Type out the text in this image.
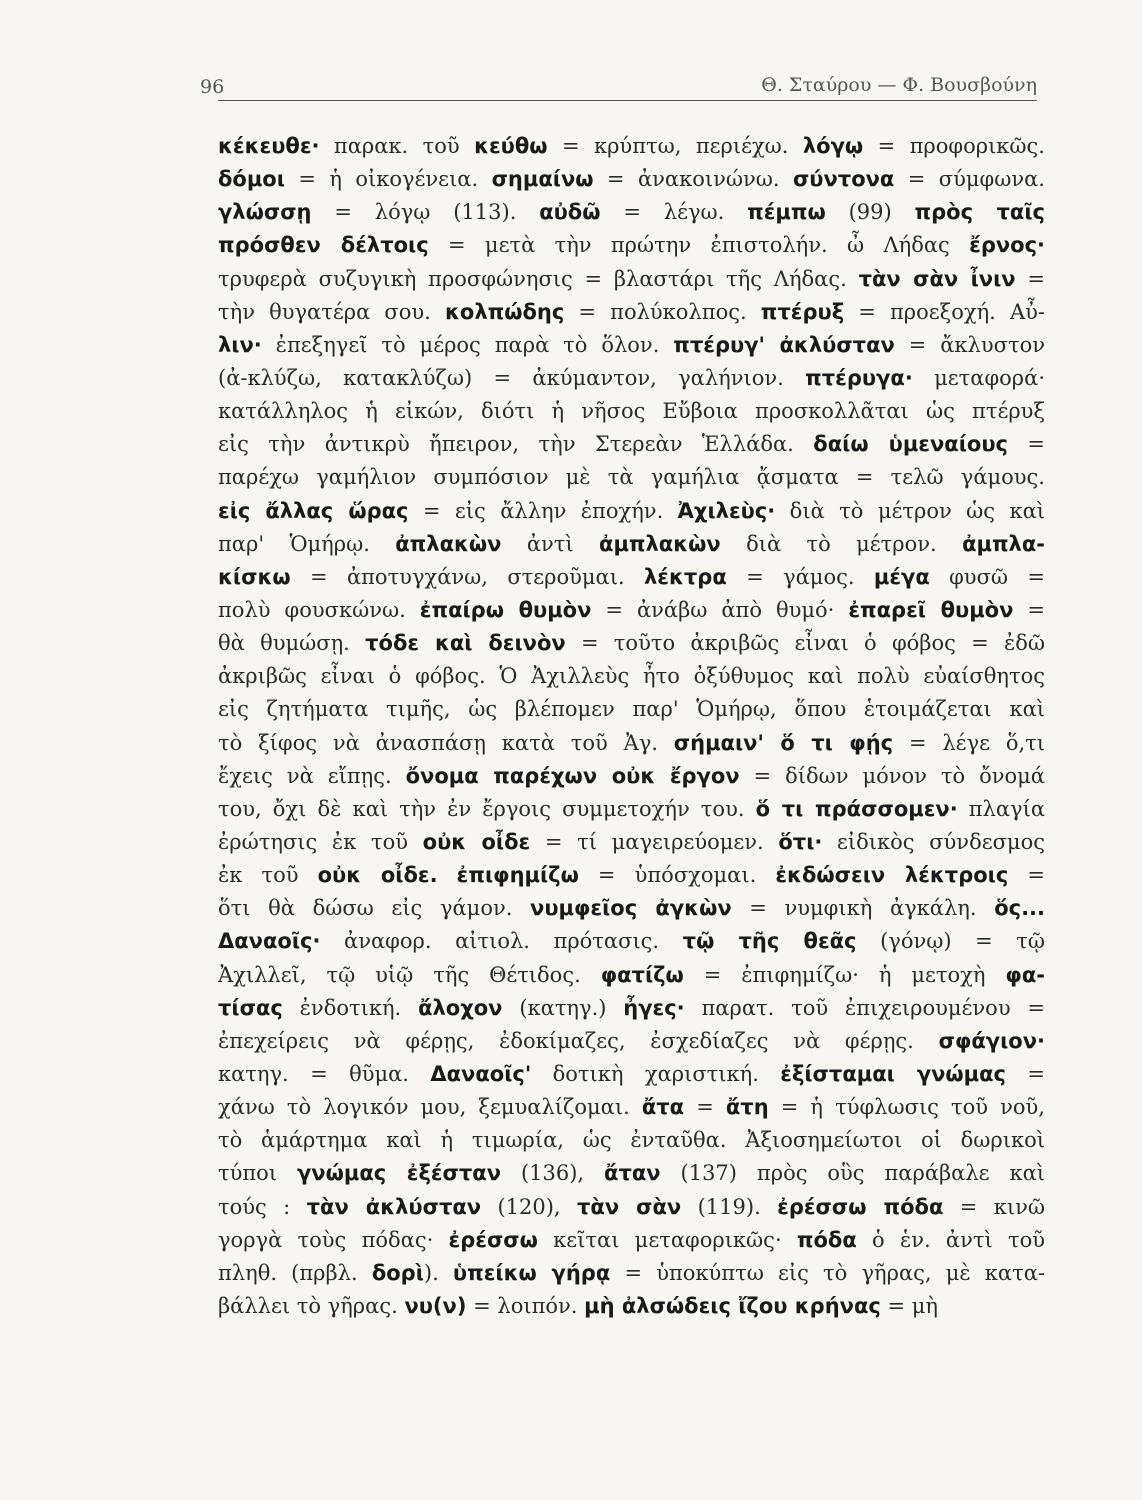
96	Θ. Σταύρου — Φ. Βουσβούνη
κέκευθε· παρακ. τοῦ κεύθω = κρύπτω, περιέχω. λόγῳ = προφορικῶς.
δόμοι = ἡ οἰκογένεια. σημαίνω = ἀνακοινώνω. σύντονα = σύμφωνα.
γλώσσῃ = λόγῳ (113). αὐδῶ = λέγω. πέμπω (99) πρὸς ταῖς
πρόσθεν δέλτοις = μετὰ τὴν πρώτην ἐπιστολήν. ὦ Λήδας ἔρνος·
τρυφερὰ συζυγικὴ προσφώνησις = βλαστάρι τῆς Λήδας. τὰν σὰν ἶνιν =
τὴν θυγατέρα σου. κολπώδης = πολύκολπος. πτέρυξ = προεξοχή. Αὖ-
λιν· ἐπεξηγεῖ τὸ μέρος παρὰ τὸ ὅλον. πτέρυγ' ἀκλύσταν = ἄκλυστον
(ἀ-κλύζω, κατακλύζω) = ἀκύμαντον, γαλήνιον. πτέρυγα· μεταφορά·
κατάλληλος ἡ εἰκών, διότι ἡ νῆσος Εὔβοια προσκολλᾶται ὡς πτέρυξ
εἰς τὴν ἀντικρὺ ἤπειρον, τὴν Στερεὰν Ἑλλάδα. δαίω ὑμεναίους =
παρέχω γαμήλιον συμπόσιον μὲ τὰ γαμήλια ᾄσματα = τελῶ γάμους.
εἰς ἄλλας ὥρας = εἰς ἄλλην ἐποχήν. Ἀχιλεὺς· διὰ τὸ μέτρον ὡς καὶ
παρ' Ὁμήρῳ. ἀπλακὼν ἀντὶ ἀμπλακὼν διὰ τὸ μέτρον. ἀμπλα-
κίσκω = ἀποτυγχάνω, στεροῦμαι. λέκτρα = γάμος. μέγα φυσῶ =
πολὺ φουσκώνω. ἐπαίρω θυμὸν = ἀνάβω ἀπὸ θυμό· ἐπαρεῖ θυμὸν =
θὰ θυμώσῃ. τόδε καὶ δεινὸν = τοῦτο ἀκριβῶς εἶναι ὁ φόβος = ἐδῶ
ἀκριβῶς εἶναι ὁ φόβος. Ὁ Ἀχιλλεὺς ἦτο ὀξύθυμος καὶ πολὺ εὐαίσθητος
εἰς ζητήματα τιμῆς, ὡς βλέπομεν παρ' Ὁμήρῳ, ὅπου ἑτοιμάζεται καὶ
τὸ ξίφος νὰ ἀνασπάσῃ κατὰ τοῦ Ἀγ. σήμαιν' ὅ τι φῄς = λέγε ὅ,τι
ἔχεις νὰ εἴπῃς. ὄνομα παρέχων οὐκ ἔργον = δίδων μόνον τὸ ὄνομά
του, ὄχι δὲ καὶ τὴν ἐν ἔργοις συμμετοχήν του. ὅ τι πράσσομεν· πλαγία
ἐρώτησις ἐκ τοῦ οὐκ οἶδε = τί μαγειρεύομεν. ὅτι· εἰδικὸς σύνδεσμος
ἐκ τοῦ οὐκ οἶδε. ἐπιφημίζω = ὑπόσχομαι. ἐκδώσειν λέκτροις =
ὅτι θὰ δώσω εἰς γάμον. νυμφεῖος ἀγκὼν = νυμφικὴ ἀγκάλη. ὅς...
Δαναοῖς· ἀναφορ. αἰτιολ. πρότασις. τῷ τῆς θεᾶς (γόνῳ) = τῷ
Ἀχιλλεῖ, τῷ υἱῷ τῆς Θέτιδος. φατίζω = ἐπιφημίζω· ἡ μετοχὴ φα-
τίσας ἐνδοτική. ἄλοχον (κατηγ.) ἦγες· παρατ. τοῦ ἐπιχειρουμένου =
ἐπεχείρεις νὰ φέρῃς, ἐδοκίμαζες, ἐσχεδίαζες νὰ φέρῃς. σφάγιον·
κατηγ. = θῦμα. Δαναοῖς' δοτικὴ χαριστική. ἐξίσταμαι γνώμας =
χάνω τὸ λογικόν μου, ξεμυαλίζομαι. ἄτα = ἄτη = ἡ τύφλωσις τοῦ νοῦ,
τὸ ἁμάρτημα καὶ ἡ τιμωρία, ὡς ἐνταῦθα. Ἀξιοσημείωτοι οἱ δωρικοὶ
τύποι γνώμας ἐξέσταν (136), ἄταν (137) πρὸς οὓς παράβαλε καὶ
τούς : τὰν ἀκλύσταν (120), τὰν σὰν (119). ἐρέσσω πόδα = κινῶ
γοργὰ τοὺς πόδας· ἐρέσσω κεῖται μεταφορικῶς· πόδα ὁ ἑν. ἀντὶ τοῦ
πληθ. (πρβλ. δορὶ). ὑπείκω γήρᾳ = ὑποκύπτω εἰς τὸ γῆρας, μὲ κατα-
βάλλει τὸ γῆρας. νυ(ν) = λοιπόν. μὴ ἀλσώδεις ἴζου κρήνας = μὴ
